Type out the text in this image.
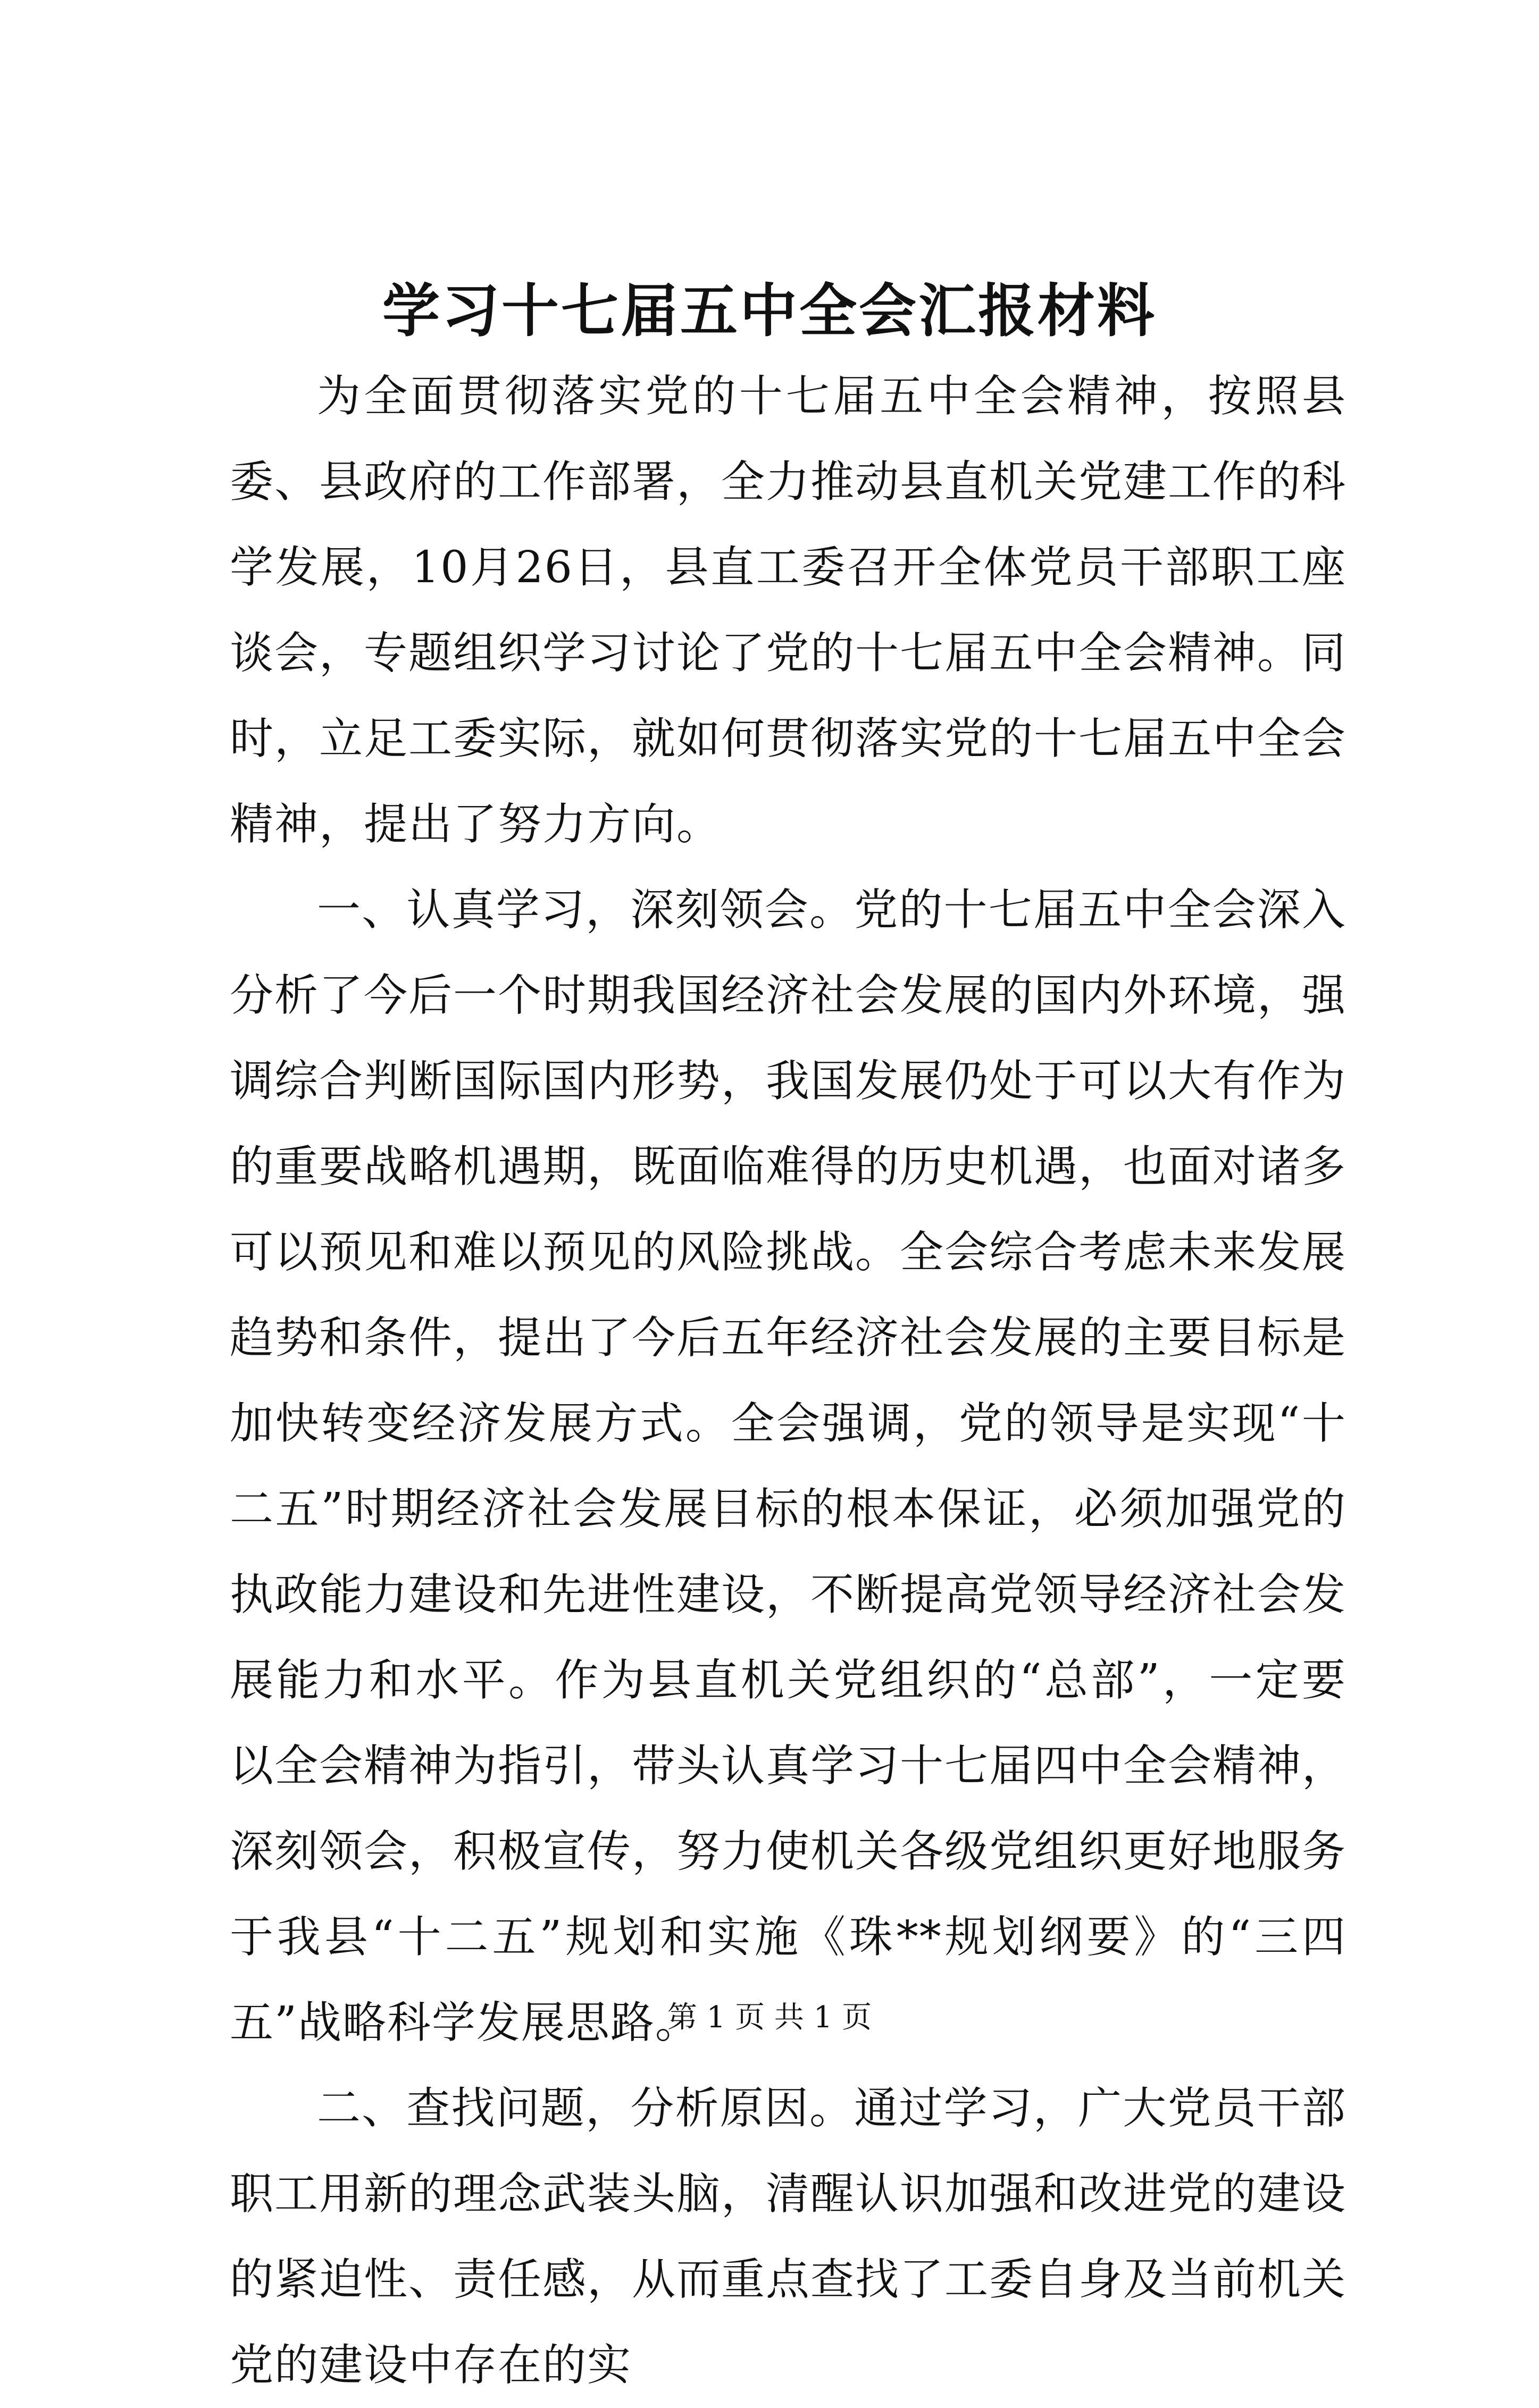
学习十七届五中全会汇报材料

为全面贯彻落实党的十七届五中全会精神，按照县委、县政府的工作部署，全力推动县直机关党建工作的科学发展，10月26日，县直工委召开全体党员干部职工座谈会，专题组织学习讨论了党的十七届五中全会精神。同时，立足工委实际，就如何贯彻落实党的十七届五中全会精神，提出了努力方向。

一、认真学习，深刻领会。党的十七届五中全会深入分析了今后一个时期我国经济社会发展的国内外环境，强调综合判断国际国内形势，我国发展仍处于可以大有作为的重要战略机遇期，既面临难得的历史机遇，也面对诸多可以预见和难以预见的风险挑战。全会综合考虑未来发展趋势和条件，提出了今后五年经济社会发展的主要目标是加快转变经济发展方式。全会强调，党的领导是实现“十二五”时期经济社会发展目标的根本保证，必须加强党的执政能力建设和先进性建设，不断提高党领导经济社会发展能力和水平。作为县直机关党组织的“总部”，一定要以全会精神为指引，带头认真学习十七届四中全会精神，深刻领会，积极宣传，努力使机关各级党组织更好地服务于我县“十二五”规划和实施《珠**规划纲要》的“三四五”战略科学发展思路。

二、查找问题，分析原因。通过学习，广大党员干部职工用新的理念武装头脑，清醒认识加强和改进党的建设的紧迫性、责任感，从而重点查找了工委自身及当前机关党的建设中存在的实

第 1 页 共 1 页
